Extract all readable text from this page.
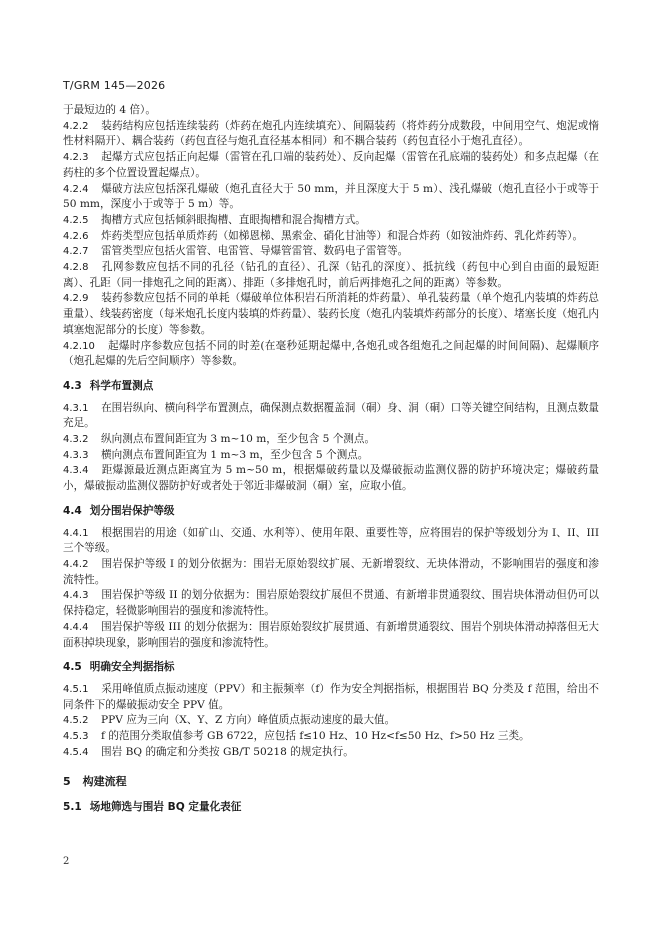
T/GRM 145—2026

于最短边的 4 倍）。

4.2.2　 装药结构应包括连续装药（炸药在炮孔内连续填充）、间隔装药（将炸药分成数段，中间用空气、炮泥或惰性材料隔开）、耦合装药（药包直径与炮孔直径基本相同）和不耦合装药（药包直径小于炮孔直径）。

4.2.3　 起爆方式应包括正向起爆（雷管在孔口端的装药处）、反向起爆（雷管在孔底端的装药处）和多点起爆（在药柱的多个位置设置起爆点）。

4.2.4　 爆破方法应包括深孔爆破（炮孔直径大于 50 mm，并且深度大于 5 m）、浅孔爆破（炮孔直径小于或等于 50 mm，深度小于或等于 5 m）等。

4.2.5　 掏槽方式应包括倾斜眼掏槽、直眼掏槽和混合掏槽方式。

4.2.6　 炸药类型应包括单质炸药（如梯恩梯、黑索金、硝化甘油等）和混合炸药（如铵油炸药、乳化炸药等）。

4.2.7　 雷管类型应包括火雷管、电雷管、导爆管雷管、数码电子雷管等。

4.2.8　 孔网参数应包括不同的孔径（钻孔的直径）、孔深（钻孔的深度）、抵抗线（药包中心到自由面的最短距离）、孔距（同一排炮孔之间的距离）、排距（多排炮孔时，前后两排炮孔之间的距离）等参数。

4.2.9　 装药参数应包括不同的单耗（爆破单位体积岩石所消耗的炸药量）、单孔装药量（单个炮孔内装填的炸药总重量）、线装药密度（每米炮孔长度内装填的炸药量）、装药长度（炮孔内装填炸药部分的长度）、堵塞长度（炮孔内填塞炮泥部分的长度）等参数。

4.2.10　 起爆时序参数应包括不同的时差(在毫秒延期起爆中,各炮孔或各组炮孔之间起爆的时间间隔)、起爆顺序（炮孔起爆的先后空间顺序）等参数。

4.3 科学布置测点

4.3.1　 在围岩纵向、横向科学布置测点，确保测点数据覆盖洞（硐）身、洞（硐）口等关键空间结构，且测点数量充足。

4.3.2　 纵向测点布置间距宜为 3 m~10 m，至少包含 5 个测点。

4.3.3　 横向测点布置间距宜为 1 m~3 m，至少包含 5 个测点。

4.3.4　 距爆源最近测点距离宜为 5 m~50 m，根据爆破药量以及爆破振动监测仪器的防护环境决定；爆破药量小，爆破振动监测仪器防护好或者处于邻近非爆破洞（硐）室，应取小值。

4.4 划分围岩保护等级

4.4.1　 根据围岩的用途（如矿山、交通、水利等）、使用年限、重要性等，应将围岩的保护等级划分为 I、II、III 三个等级。

4.4.2　 围岩保护等级 I 的划分依据为：围岩无原始裂纹扩展、无新增裂纹、无块体滑动，不影响围岩的强度和渗流特性。

4.4.3　 围岩保护等级 II 的划分依据为：围岩原始裂纹扩展但不贯通、有新增非贯通裂纹、围岩块体滑动但仍可以保持稳定，轻微影响围岩的强度和渗流特性。

4.4.4　 围岩保护等级 III 的划分依据为：围岩原始裂纹扩展贯通、有新增贯通裂纹、围岩个别块体滑动掉落但无大面积掉块现象，影响围岩的强度和渗流特性。

4.5 明确安全判据指标

4.5.1　 采用峰值质点振动速度（PPV）和主振频率（f）作为安全判据指标，根据围岩 BQ 分类及 f 范围，给出不同条件下的爆破振动安全 PPV 值。

4.5.2　 PPV 应为三向（X、Y、Z 方向）峰值质点振动速度的最大值。

4.5.3　 f 的范围分类取值参考 GB 6722，应包括 f≤10 Hz、10 Hz<f≤50 Hz、f>50 Hz 三类。

4.5.4　 围岩 BQ 的确定和分类按 GB/T 50218 的规定执行。

5 构建流程
5.1 场地筛选与围岩 BQ 定量化表征
2
